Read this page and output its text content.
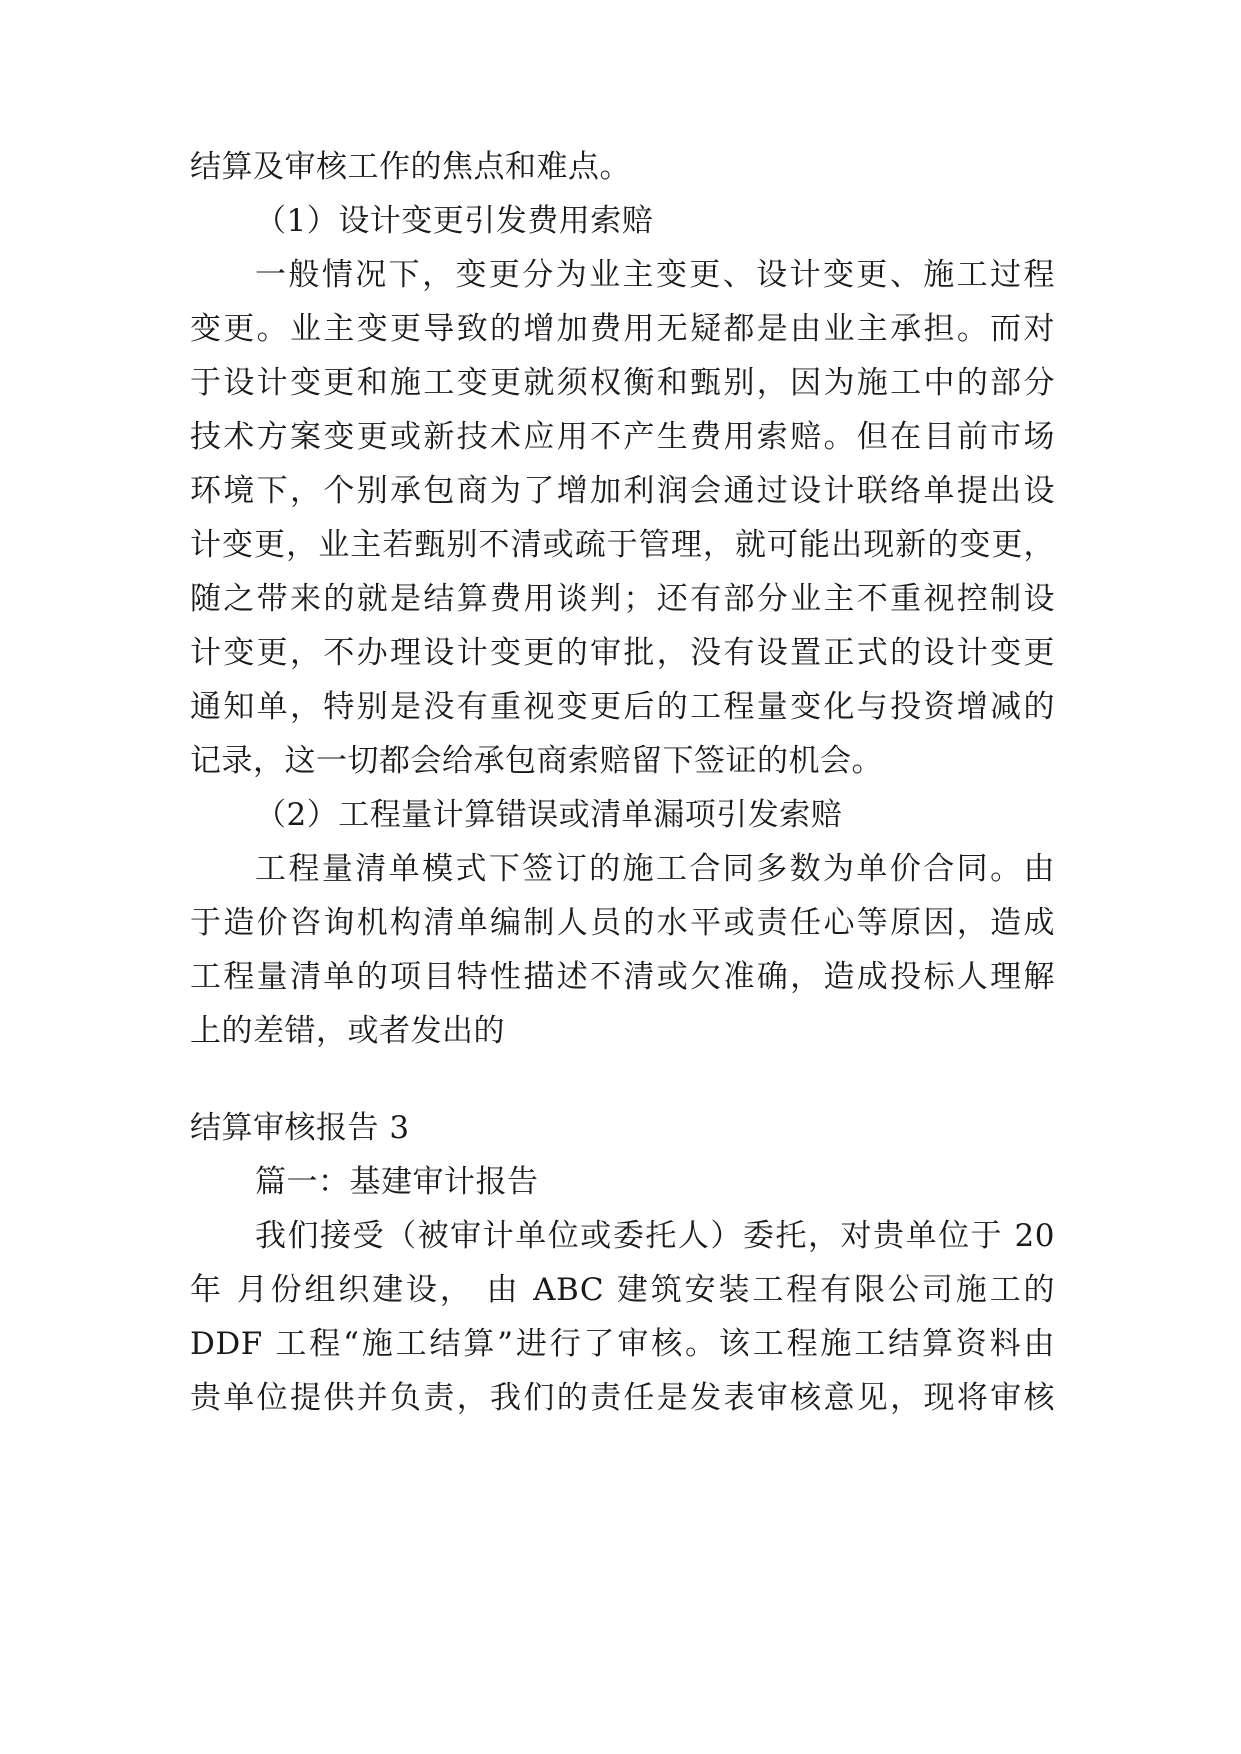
结算及审核工作的焦点和难点。
（1）设计变更引发费用索赔
一般情况下，变更分为业主变更、设计变更、施工过程
变更。业主变更导致的增加费用无疑都是由业主承担。而对
于设计变更和施工变更就须权衡和甄别，因为施工中的部分
技术方案变更或新技术应用不产生费用索赔。但在目前市场
环境下，个别承包商为了增加利润会通过设计联络单提出设
计变更，业主若甄别不清或疏于管理，就可能出现新的变更，
随之带来的就是结算费用谈判；还有部分业主不重视控制设
计变更，不办理设计变更的审批，没有设置正式的设计变更
通知单，特别是没有重视变更后的工程量变化与投资增减的
记录，这一切都会给承包商索赔留下签证的机会。
（2）工程量计算错误或清单漏项引发索赔
工程量清单模式下签订的施工合同多数为单价合同。由
于造价咨询机构清单编制人员的水平或责任心等原因，造成
工程量清单的项目特性描述不清或欠准确，造成投标人理解
上的差错，或者发出的
结算审核报告 3
篇一：基建审计报告
我们接受（被审计单位或委托人）委托，对贵单位于 20
年 月份组织建设， 由 ABC 建筑安装工程有限公司施工的
DDF 工程“施工结算”进行了审核。该工程施工结算资料由
贵单位提供并负责，我们的责任是发表审核意见，现将审核
